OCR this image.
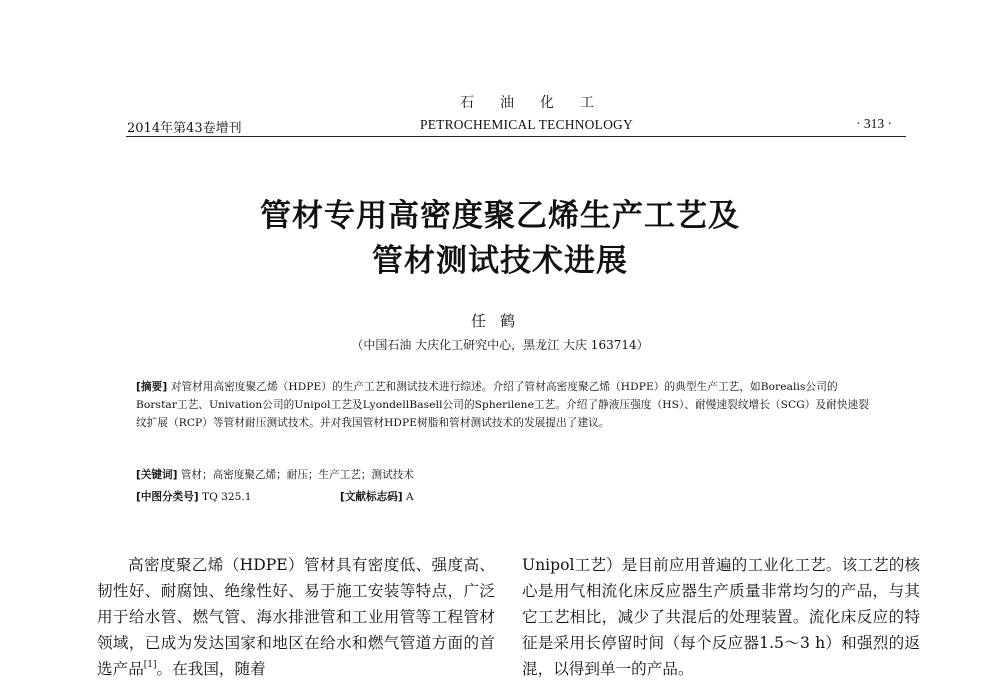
石油化工
2014年第43卷增刊	PETROCHEMICAL TECHNOLOGY	· 313 ·
管材专用高密度聚乙烯生产工艺及
管材测试技术进展
任鹤
（中国石油 大庆化工研究中心，黑龙江 大庆 163714）
[摘要] 对管材用高密度聚乙烯（HDPE）的生产工艺和测试技术进行综述。介绍了管材高密度聚乙烯（HDPE）的典型生产工艺，如Borealis公司的Borstar工艺、Univation公司的Unipol工艺及LyondellBasell公司的Spherilene工艺。介绍了静液压强度（HS）、耐慢速裂纹增长（SCG）及耐快速裂纹扩展（RCP）等管材耐压测试技术。并对我国管材HDPE树脂和管材测试技术的发展提出了建议。
[关键词] 管材；高密度聚乙烯；耐压；生产工艺；测试技术
[中图分类号] TQ 325.1	[文献标志码] A
高密度聚乙烯（HDPE）管材具有密度低、强度高、韧性好、耐腐蚀、绝缘性好、易于施工安装等特点，广泛用于给水管、燃气管、海水排泄管和工业用管等工程管材领域，已成为发达国家和地区在给水和燃气管道方面的首选产品[1]。在我国，随着
Unipol工艺）是目前应用普遍的工业化工艺。该工艺的核心是用气相流化床反应器生产质量非常均匀的产品，与其它工艺相比，减少了共混后的处理装置。流化床反应的特征是采用长停留时间（每个反应器1.5～3 h）和强烈的返混，以得到单一的产品。
